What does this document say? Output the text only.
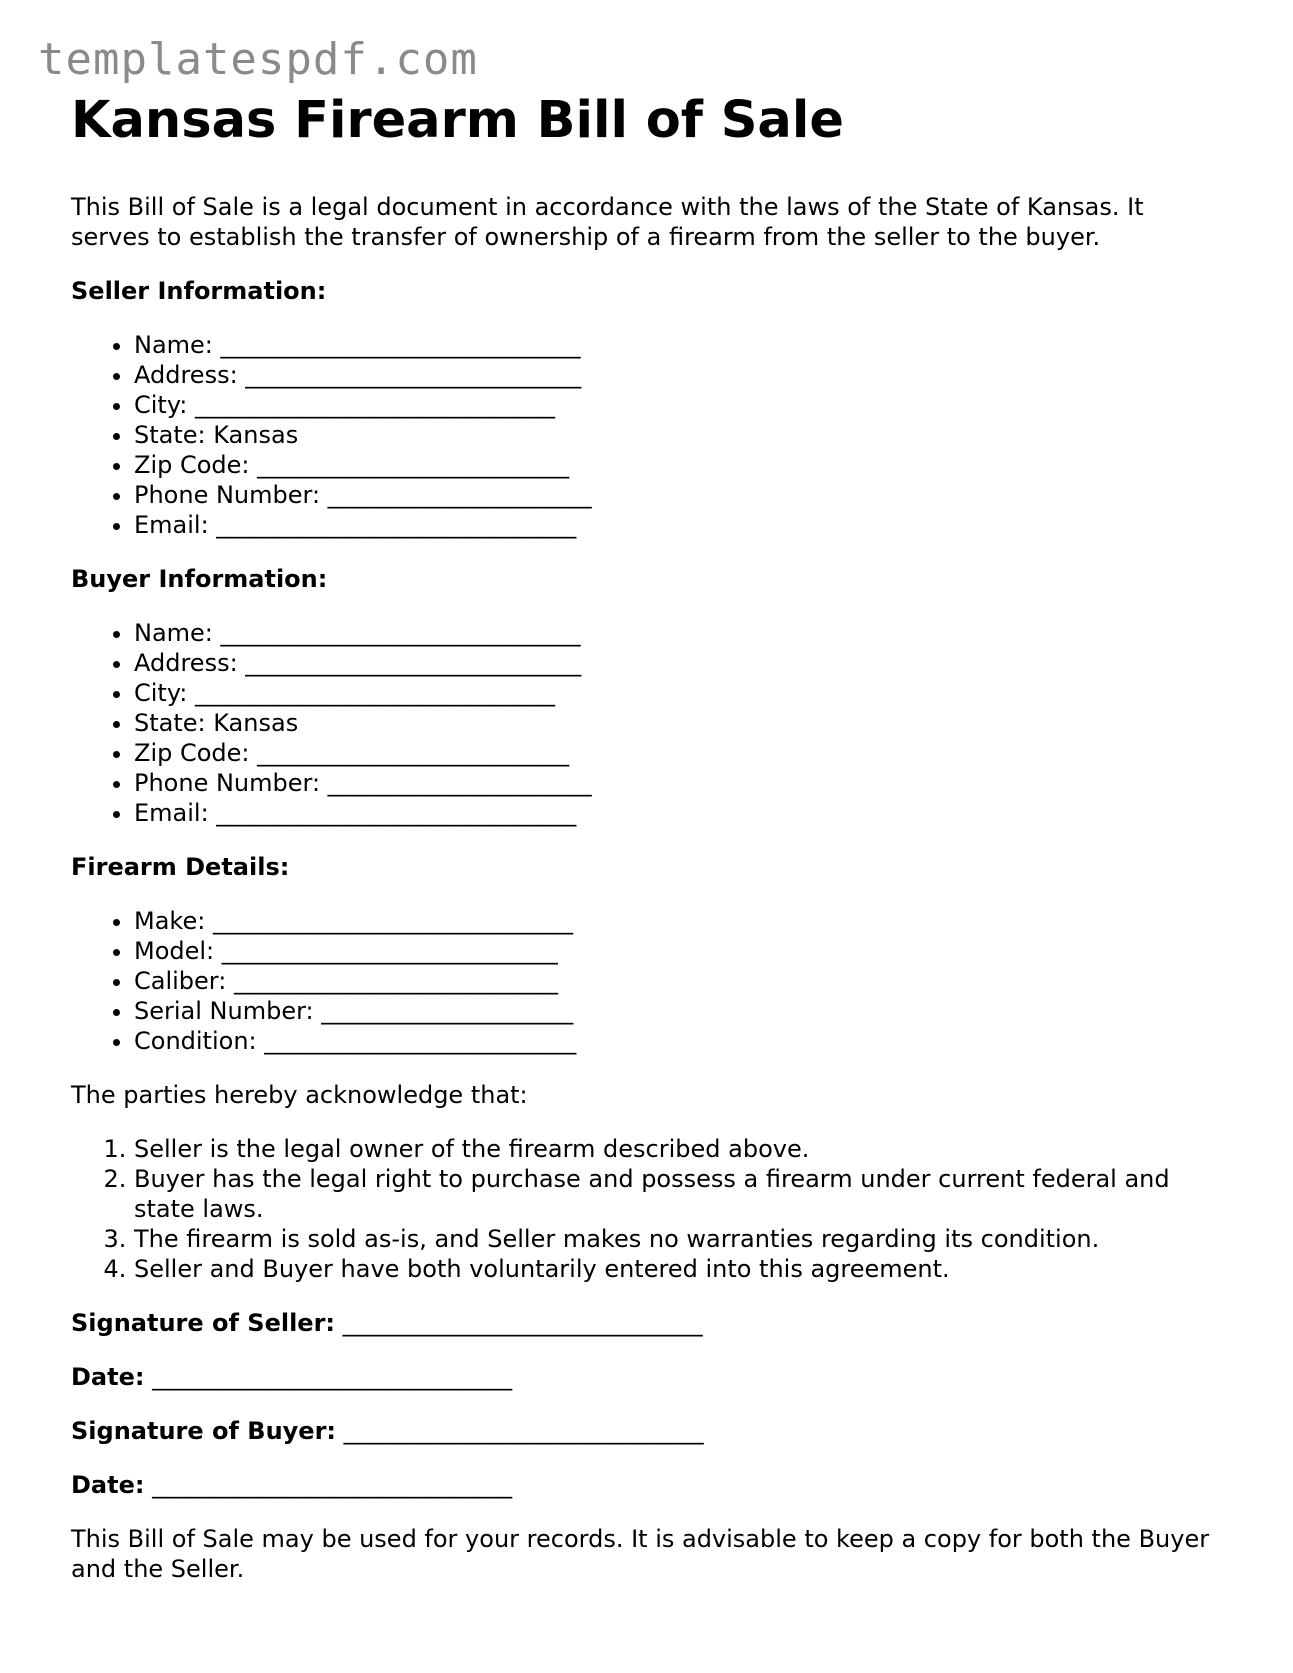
templatespdf.com
Kansas Firearm Bill of Sale

This Bill of Sale is a legal document in accordance with the laws of the State of Kansas. It serves to establish the transfer of ownership of a firearm from the seller to the buyer.

Seller Information:
• Name: ______________________________
• Address: ____________________________
• City: ______________________________
• State: Kansas
• Zip Code: __________________________
• Phone Number: ______________________
• Email: ______________________________
Buyer Information:
• Name: ______________________________
• Address: ____________________________
• City: ______________________________
• State: Kansas
• Zip Code: __________________________
• Phone Number: ______________________
• Email: ______________________________
Firearm Details:
• Make: ______________________________
• Model: ____________________________
• Caliber: ___________________________
• Serial Number: _____________________
• Condition: __________________________

The parties hereby acknowledge that:

1. Seller is the legal owner of the firearm described above.
2. Buyer has the legal right to purchase and possess a firearm under current federal and state laws.
3. The firearm is sold as-is, and Seller makes no warranties regarding its condition.
4. Seller and Buyer have both voluntarily entered into this agreement.
Signature of Seller: ______________________________
Date: ______________________________
Signature of Buyer: ______________________________
Date: ______________________________

This Bill of Sale may be used for your records. It is advisable to keep a copy for both the Buyer and the Seller.
